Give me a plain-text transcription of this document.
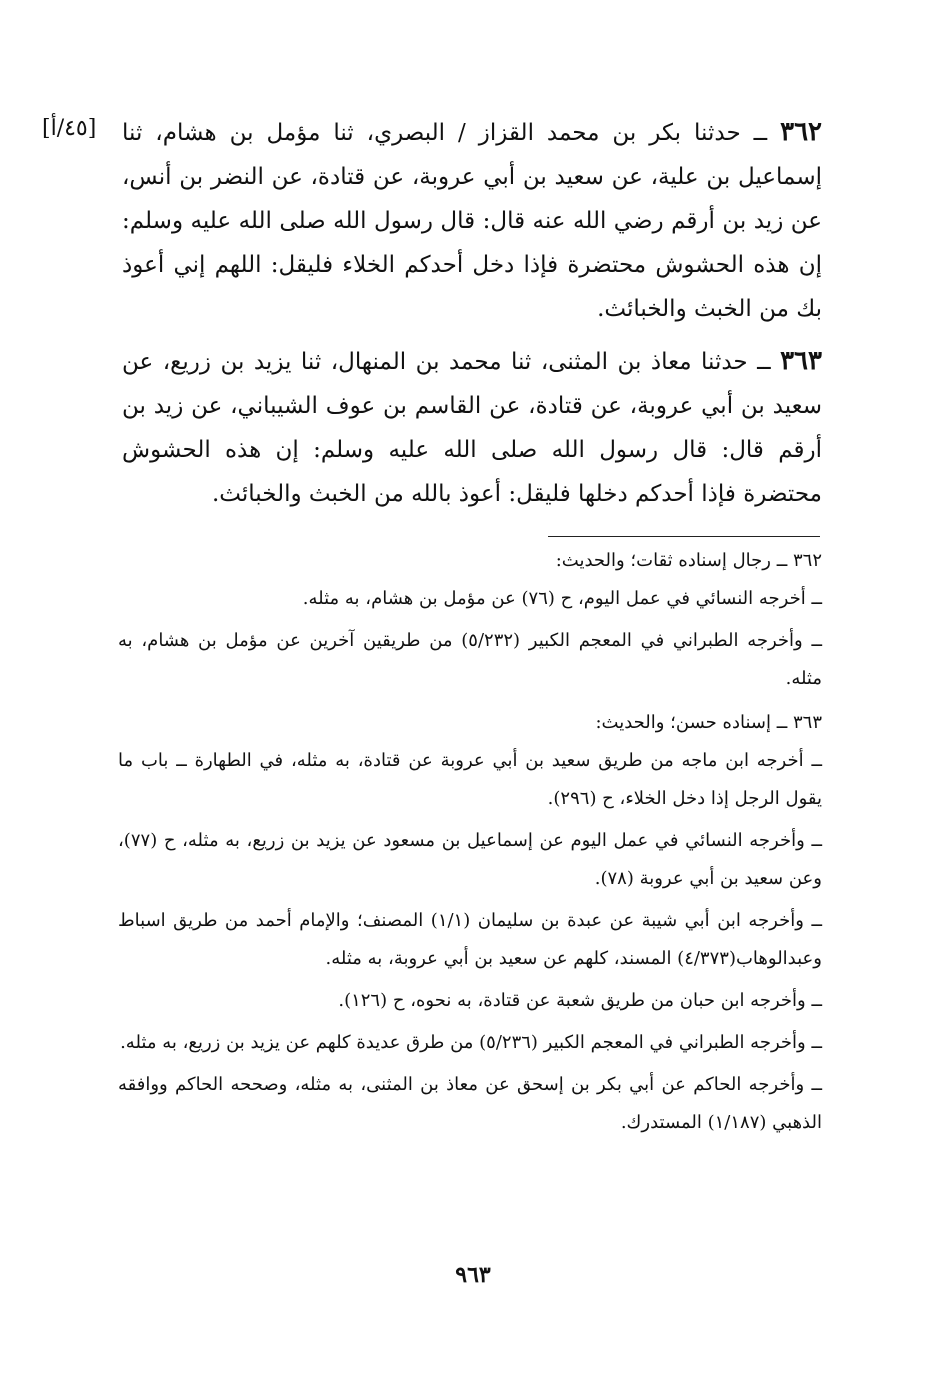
[٤٥/أ]	٣٦٢ ــ حدثنا بكر بن محمد القزاز / البصري، ثنا مؤمل بن هشام، ثنا إسماعيل بن علية، عن سعيد بن أبي عروبة، عن قتادة، عن النضر بن أنس، عن زيد بن أرقم رضي الله عنه قال: قال رسول الله صلى الله عليه وسلم: إن هذه الحشوش محتضرة فإذا دخل أحدكم الخلاء فليقل: اللهم إني أعوذ بك من الخبث والخبائث.

٣٦٣ ــ حدثنا معاذ بن المثنى، ثنا محمد بن المنهال، ثنا يزيد بن زريع، عن سعيد بن أبي عروبة، عن قتادة، عن القاسم بن عوف الشيباني، عن زيد بن أرقم قال: قال رسول الله صلى الله عليه وسلم: إن هذه الحشوش محتضرة فإذا أحدكم دخلها فليقل: أعوذ بالله من الخبث والخبائث.

٣٦٢ ــ رجال إسناده ثقات؛ والحديث:

ــ أخرجه النسائي في عمل اليوم، ح (٧٦) عن مؤمل بن هشام، به مثله.

ــ وأخرجه الطبراني في المعجم الكبير (٥/٢٣٢) من طريقين آخرين عن مؤمل بن هشام، به مثله.

٣٦٣ ــ إسناده حسن؛ والحديث:

ــ أخرجه ابن ماجه من طريق سعيد بن أبي عروبة عن قتادة، به مثله، في الطهارة ــ باب ما يقول الرجل إذا دخل الخلاء، ح (٢٩٦).

ــ وأخرجه النسائي في عمل اليوم عن إسماعيل بن مسعود عن يزيد بن زريع، به مثله، ح (٧٧)، وعن سعيد بن أبي عروبة (٧٨).

ــ وأخرجه ابن أبي شيبة عن عبدة بن سليمان (١/١) المصنف؛ والإمام أحمد من طريق اسباط وعبدالوهاب(٤/٣٧٣) المسند، كلهم عن سعيد بن أبي عروبة، به مثله.

ــ وأخرجه ابن حبان من طريق شعبة عن قتادة، به نحوه، ح (١٢٦).

ــ وأخرجه الطبراني في المعجم الكبير (٥/٢٣٦) من طرق عديدة كلهم عن يزيد بن زريع، به مثله.

ــ وأخرجه الحاكم عن أبي بكر بن إسحق عن معاذ بن المثنى، به مثله، وصححه الحاكم ووافقه الذهبي (١/١٨٧) المستدرك.

٩٦٣
